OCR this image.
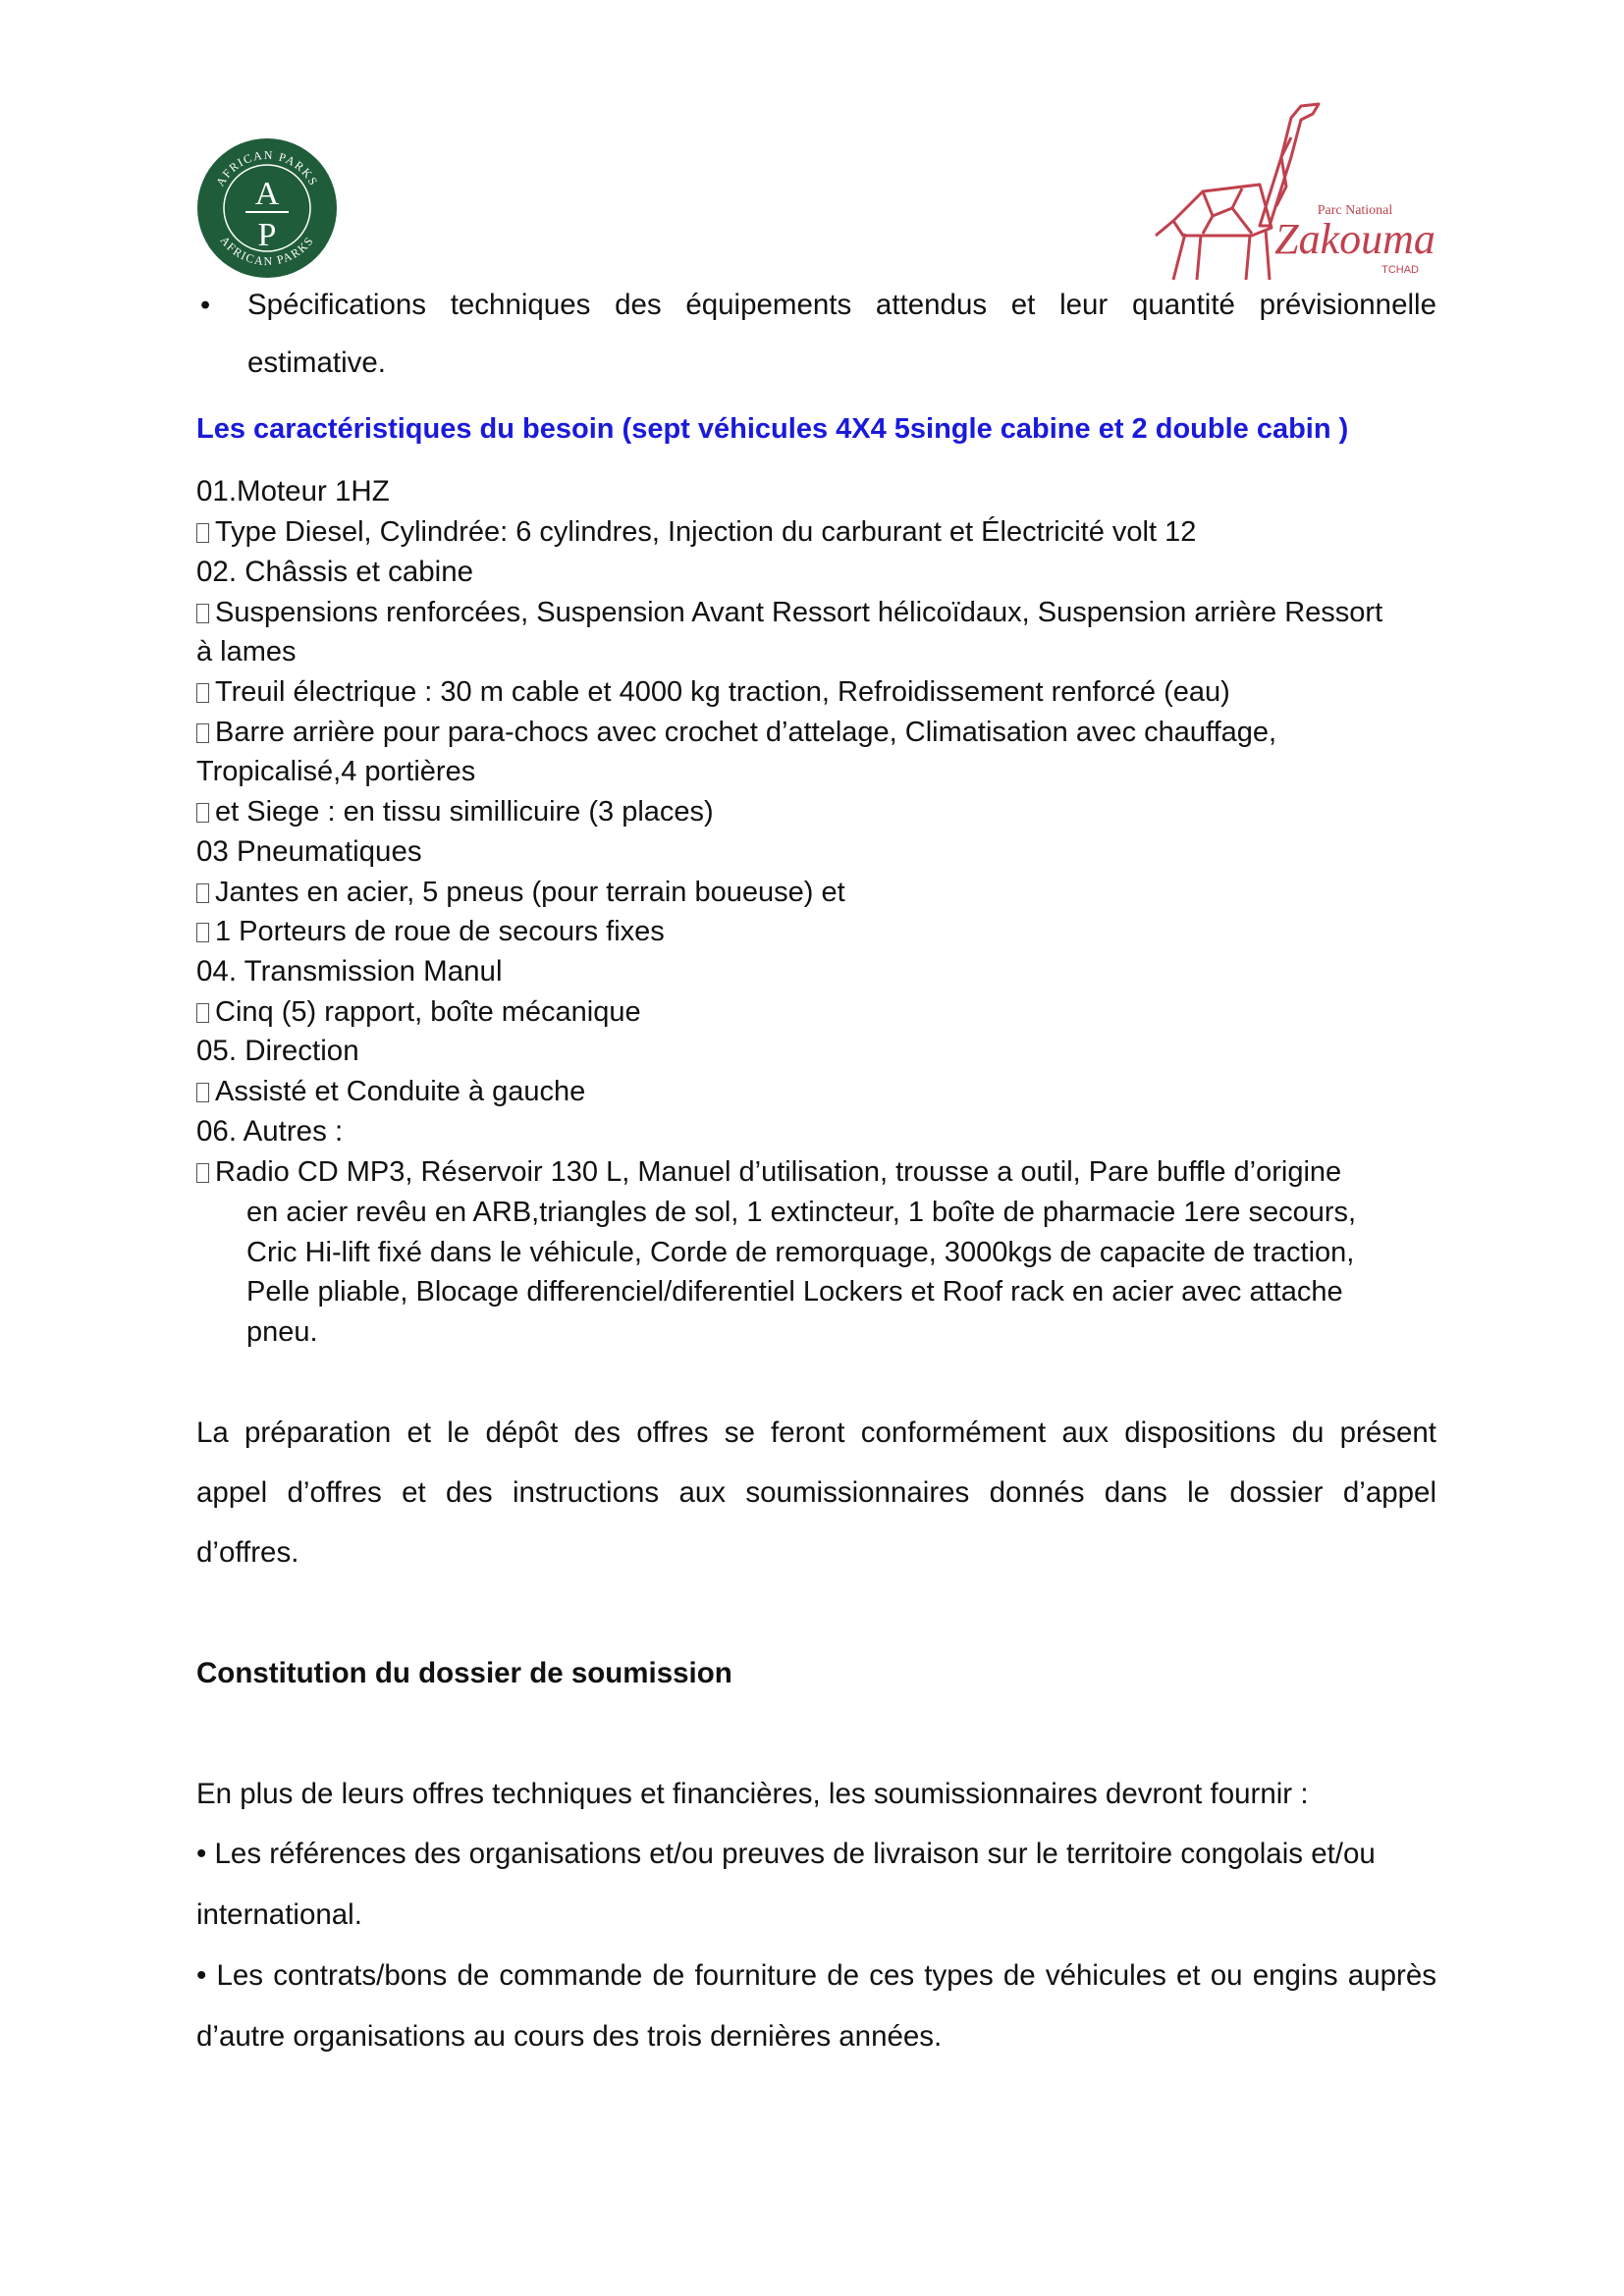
AFRICAN PARKS
AFRICAN PARKS
A
P
Parc National
Zakouma
TCHAD
• Spécifications techniques des équipements attendus et leur quantité prévisionnelle
estimative.
Les caractéristiques du besoin (sept véhicules 4X4 5single cabine et 2 double cabin )
01.Moteur 1HZ
Type Diesel, Cylindrée: 6 cylindres, Injection du carburant et Électricité volt 12
02. Châssis et cabine
Suspensions renforcées, Suspension Avant Ressort hélicoïdaux, Suspension arrière Ressort
à lames
Treuil électrique : 30 m cable et 4000 kg traction, Refroidissement renforcé (eau)
Barre arrière pour para-chocs avec crochet d’attelage, Climatisation avec chauffage,
Tropicalisé,4 portières
et Siege : en tissu simillicuire (3 places)
03 Pneumatiques
Jantes en acier, 5 pneus (pour terrain boueuse) et
1 Porteurs de roue de secours fixes
04. Transmission Manul
Cinq (5) rapport, boîte mécanique
05. Direction
Assisté et Conduite à gauche
06. Autres :
Radio CD MP3, Réservoir 130 L, Manuel d’utilisation, trousse a outil, Pare buffle d’origine
en acier revêu en ARB,triangles de sol, 1 extincteur, 1 boîte de pharmacie 1ere secours,
Cric Hi-lift fixé dans le véhicule, Corde de remorquage, 3000kgs de capacite de traction,
Pelle pliable, Blocage differenciel/diferentiel Lockers et Roof rack en acier avec attache
pneu.
La préparation et le dépôt des offres se feront conformément aux dispositions du présent
appel d’offres et des instructions aux soumissionnaires donnés dans le dossier d’appel
d’offres.
Constitution du dossier de soumission
En plus de leurs offres techniques et financières, les soumissionnaires devront fournir :
• Les références des organisations et/ou preuves de livraison sur le territoire congolais et/ou
international.
• Les contrats/bons de commande de fourniture de ces types de véhicules et ou engins auprès
d’autre organisations au cours des trois dernières années.
